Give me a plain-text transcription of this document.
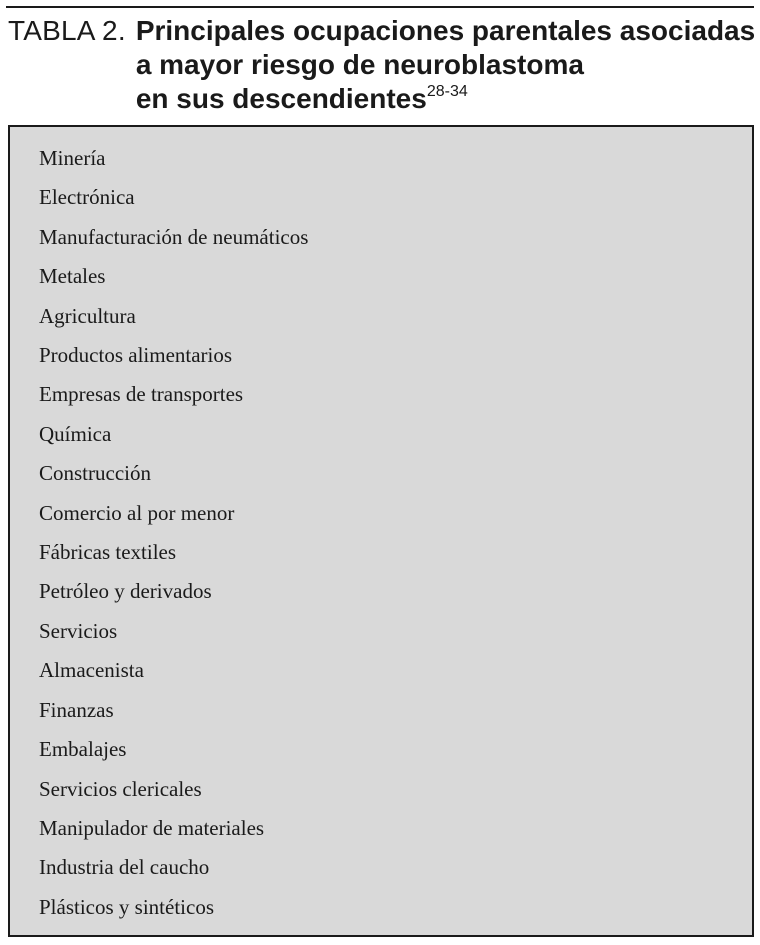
TABLA 2. Principales ocupaciones parentales asociadas
a mayor riesgo de neuroblastoma
en sus descendientes$^{28-34}$
Minería
Electrónica
Manufacturación de neumáticos
Metales
Agricultura
Productos alimentarios
Empresas de transportes
Química
Construcción
Comercio al por menor
Fábricas textiles
Petróleo y derivados
Servicios
Almacenista
Finanzas
Embalajes
Servicios clericales
Manipulador de materiales
Industria del caucho
Plásticos y sintéticos
